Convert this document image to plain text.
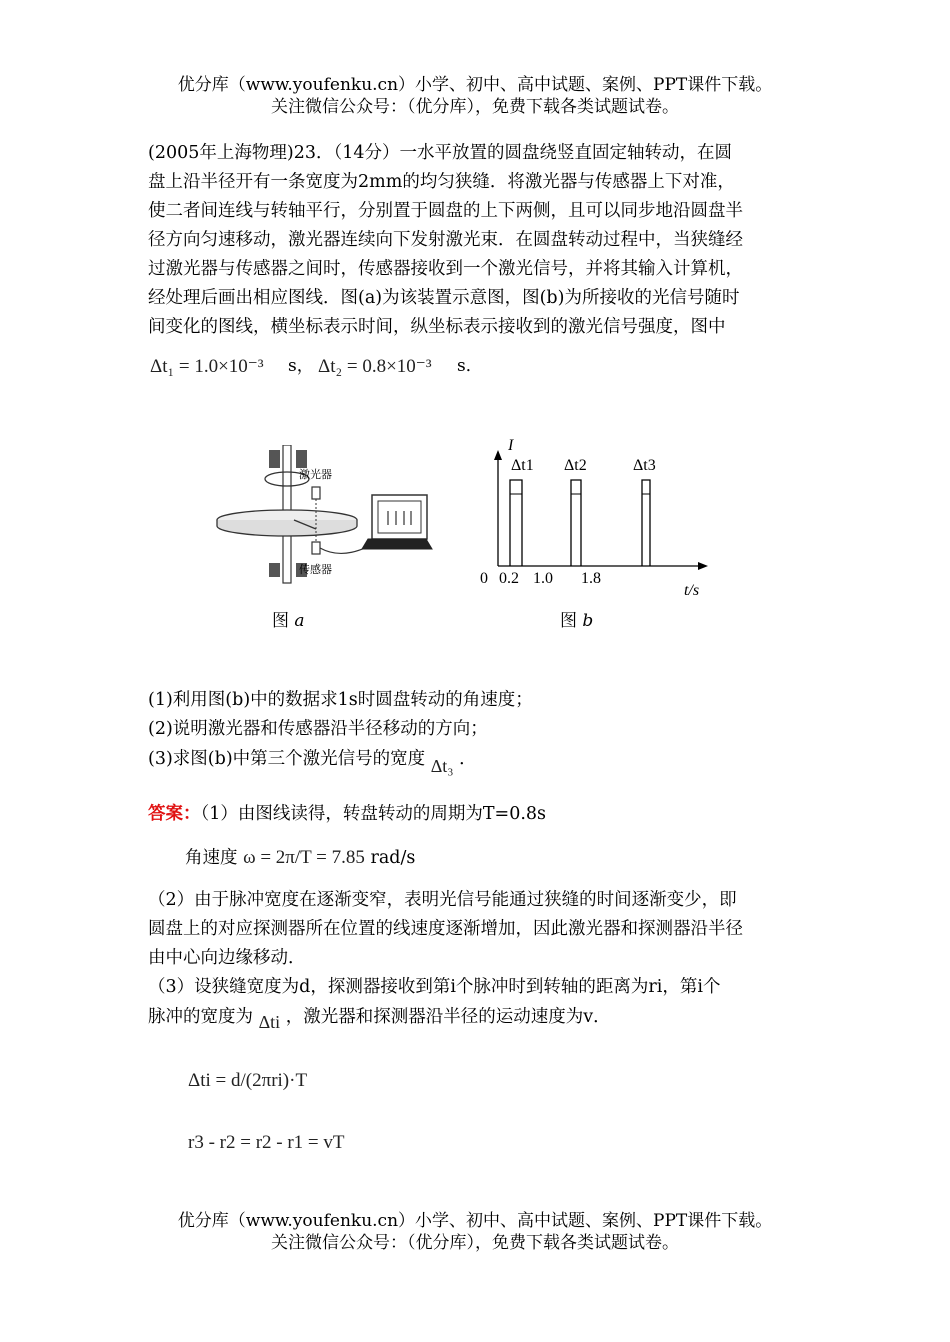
优分库（www.youfenku.cn）小学、初中、高中试题、案例、PPT课件下载。
关注微信公众号：（优分库），免费下载各类试题试卷。
(2005年上海物理)23．（14分）一水平放置的圆盘绕竖直固定轴转动，在圆
盘上沿半径开有一条宽度为2mm的均匀狭缝．将激光器与传感器上下对准，
使二者间连线与转轴平行，分别置于圆盘的上下两侧，且可以同步地沿圆盘半
径方向匀速移动，激光器连续向下发射激光束．在圆盘转动过程中，当狭缝经
过激光器与传感器之间时，传感器接收到一个激光信号，并将其输入计算机，
经处理后画出相应图线．图(a)为该装置示意图，图(b)为所接收的光信号随时
间变化的图线，横坐标表示时间，纵坐标表示接收到的激光信号强度，图中
Δt₁ = 1.0×10⁻³ s， Δt₂ = 0.8×10⁻³ s．
激光器
传感器
图 a
I
Δt1 Δt2	Δt3
0 0.2 1.0 1.8
t/s
图 b
(1)利用图(b)中的数据求1s时圆盘转动的角速度；
(2)说明激光器和传感器沿半径移动的方向；
(3)求图(b)中第三个激光信号的宽度 Δt₃ ．
答案：（1）由图线读得，转盘转动的周期为T=0.8s
角速度 ω = 2π/T = 7.85 rad/s
（2）由于脉冲宽度在逐渐变窄，表明光信号能通过狭缝的时间逐渐变少，即
圆盘上的对应探测器所在位置的线速度逐渐增加，因此激光器和探测器沿半径
由中心向边缘移动．
（3）设狭缝宽度为d，探测器接收到第i个脉冲时到转轴的距离为ri，第i个
脉冲的宽度为 Δti ，激光器和探测器沿半径的运动速度为v．
Δti = d/(2πri)·T
r3 - r2 = r2 - r1 = vT
优分库（www.youfenku.cn）小学、初中、高中试题、案例、PPT课件下载。
关注微信公众号：（优分库），免费下载各类试题试卷。
